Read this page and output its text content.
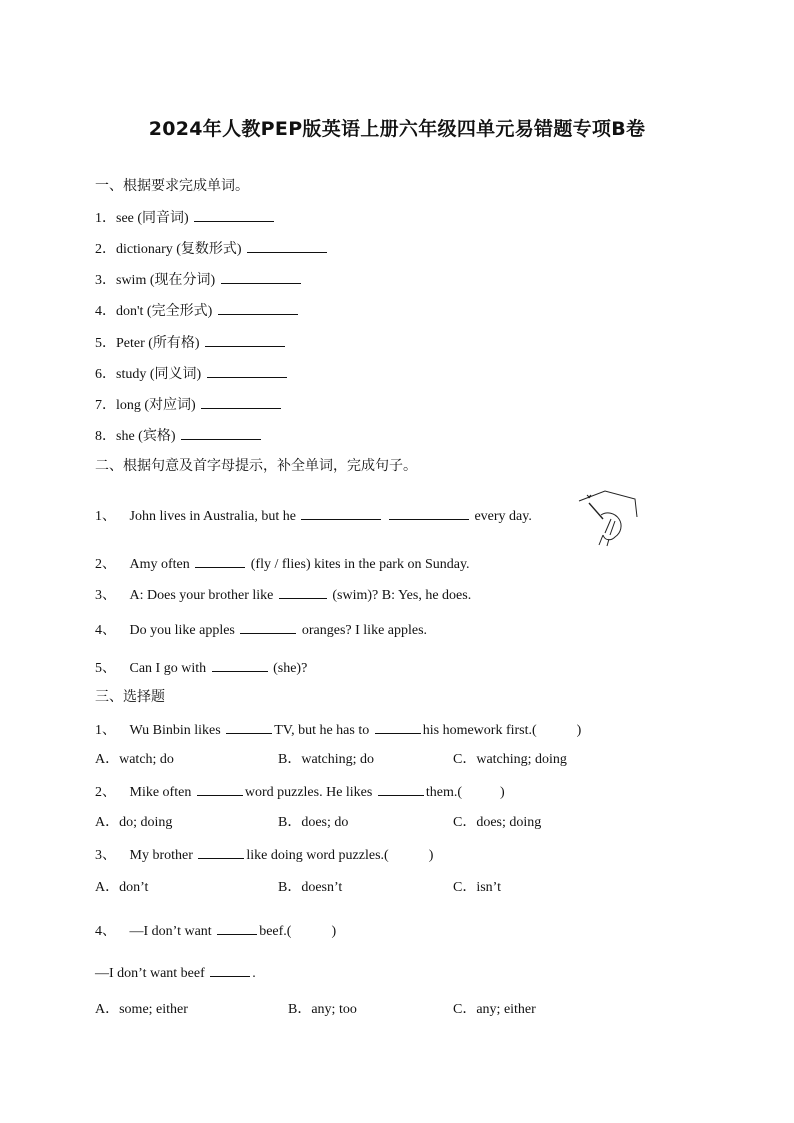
2024年人教PEP版英语上册六年级四单元易错题专项B卷
一、根据要求完成单词。
1．see (同音词)
2．dictionary (复数形式)
3．swim (现在分词)
4．don't (完全形式)
5．Peter (所有格)
6．study (同义词)
7．long (对应词)
8．she (宾格)
二、根据句意及首字母提示，补全单词，完成句子。
1、 John lives in Australia, but he	every day.
2、 Amy often	(fly / flies) kites in the park on Sunday.
3、 A: Does your brother like	(swim)? B: Yes, he does.
4、 Do you like apples	oranges? I like apples.
5、 Can I go with	(she)?
三、选择题
1、 Wu Binbin likes	TV, but he has to	his homework first.(	)
A．watch; do	B．watching; do	C．watching; doing
2、 Mike often	word puzzles. He likes	them.(	)
A．do; doing	B．does; do	C．does; doing
3、 My brother	like doing word puzzles.(	)
A．don’t	B．doesn’t	C．isn’t
4、 —I don’t want	beef.(	)
—I don’t want beef	.
A．some; either	B．any; too	C．any; either
